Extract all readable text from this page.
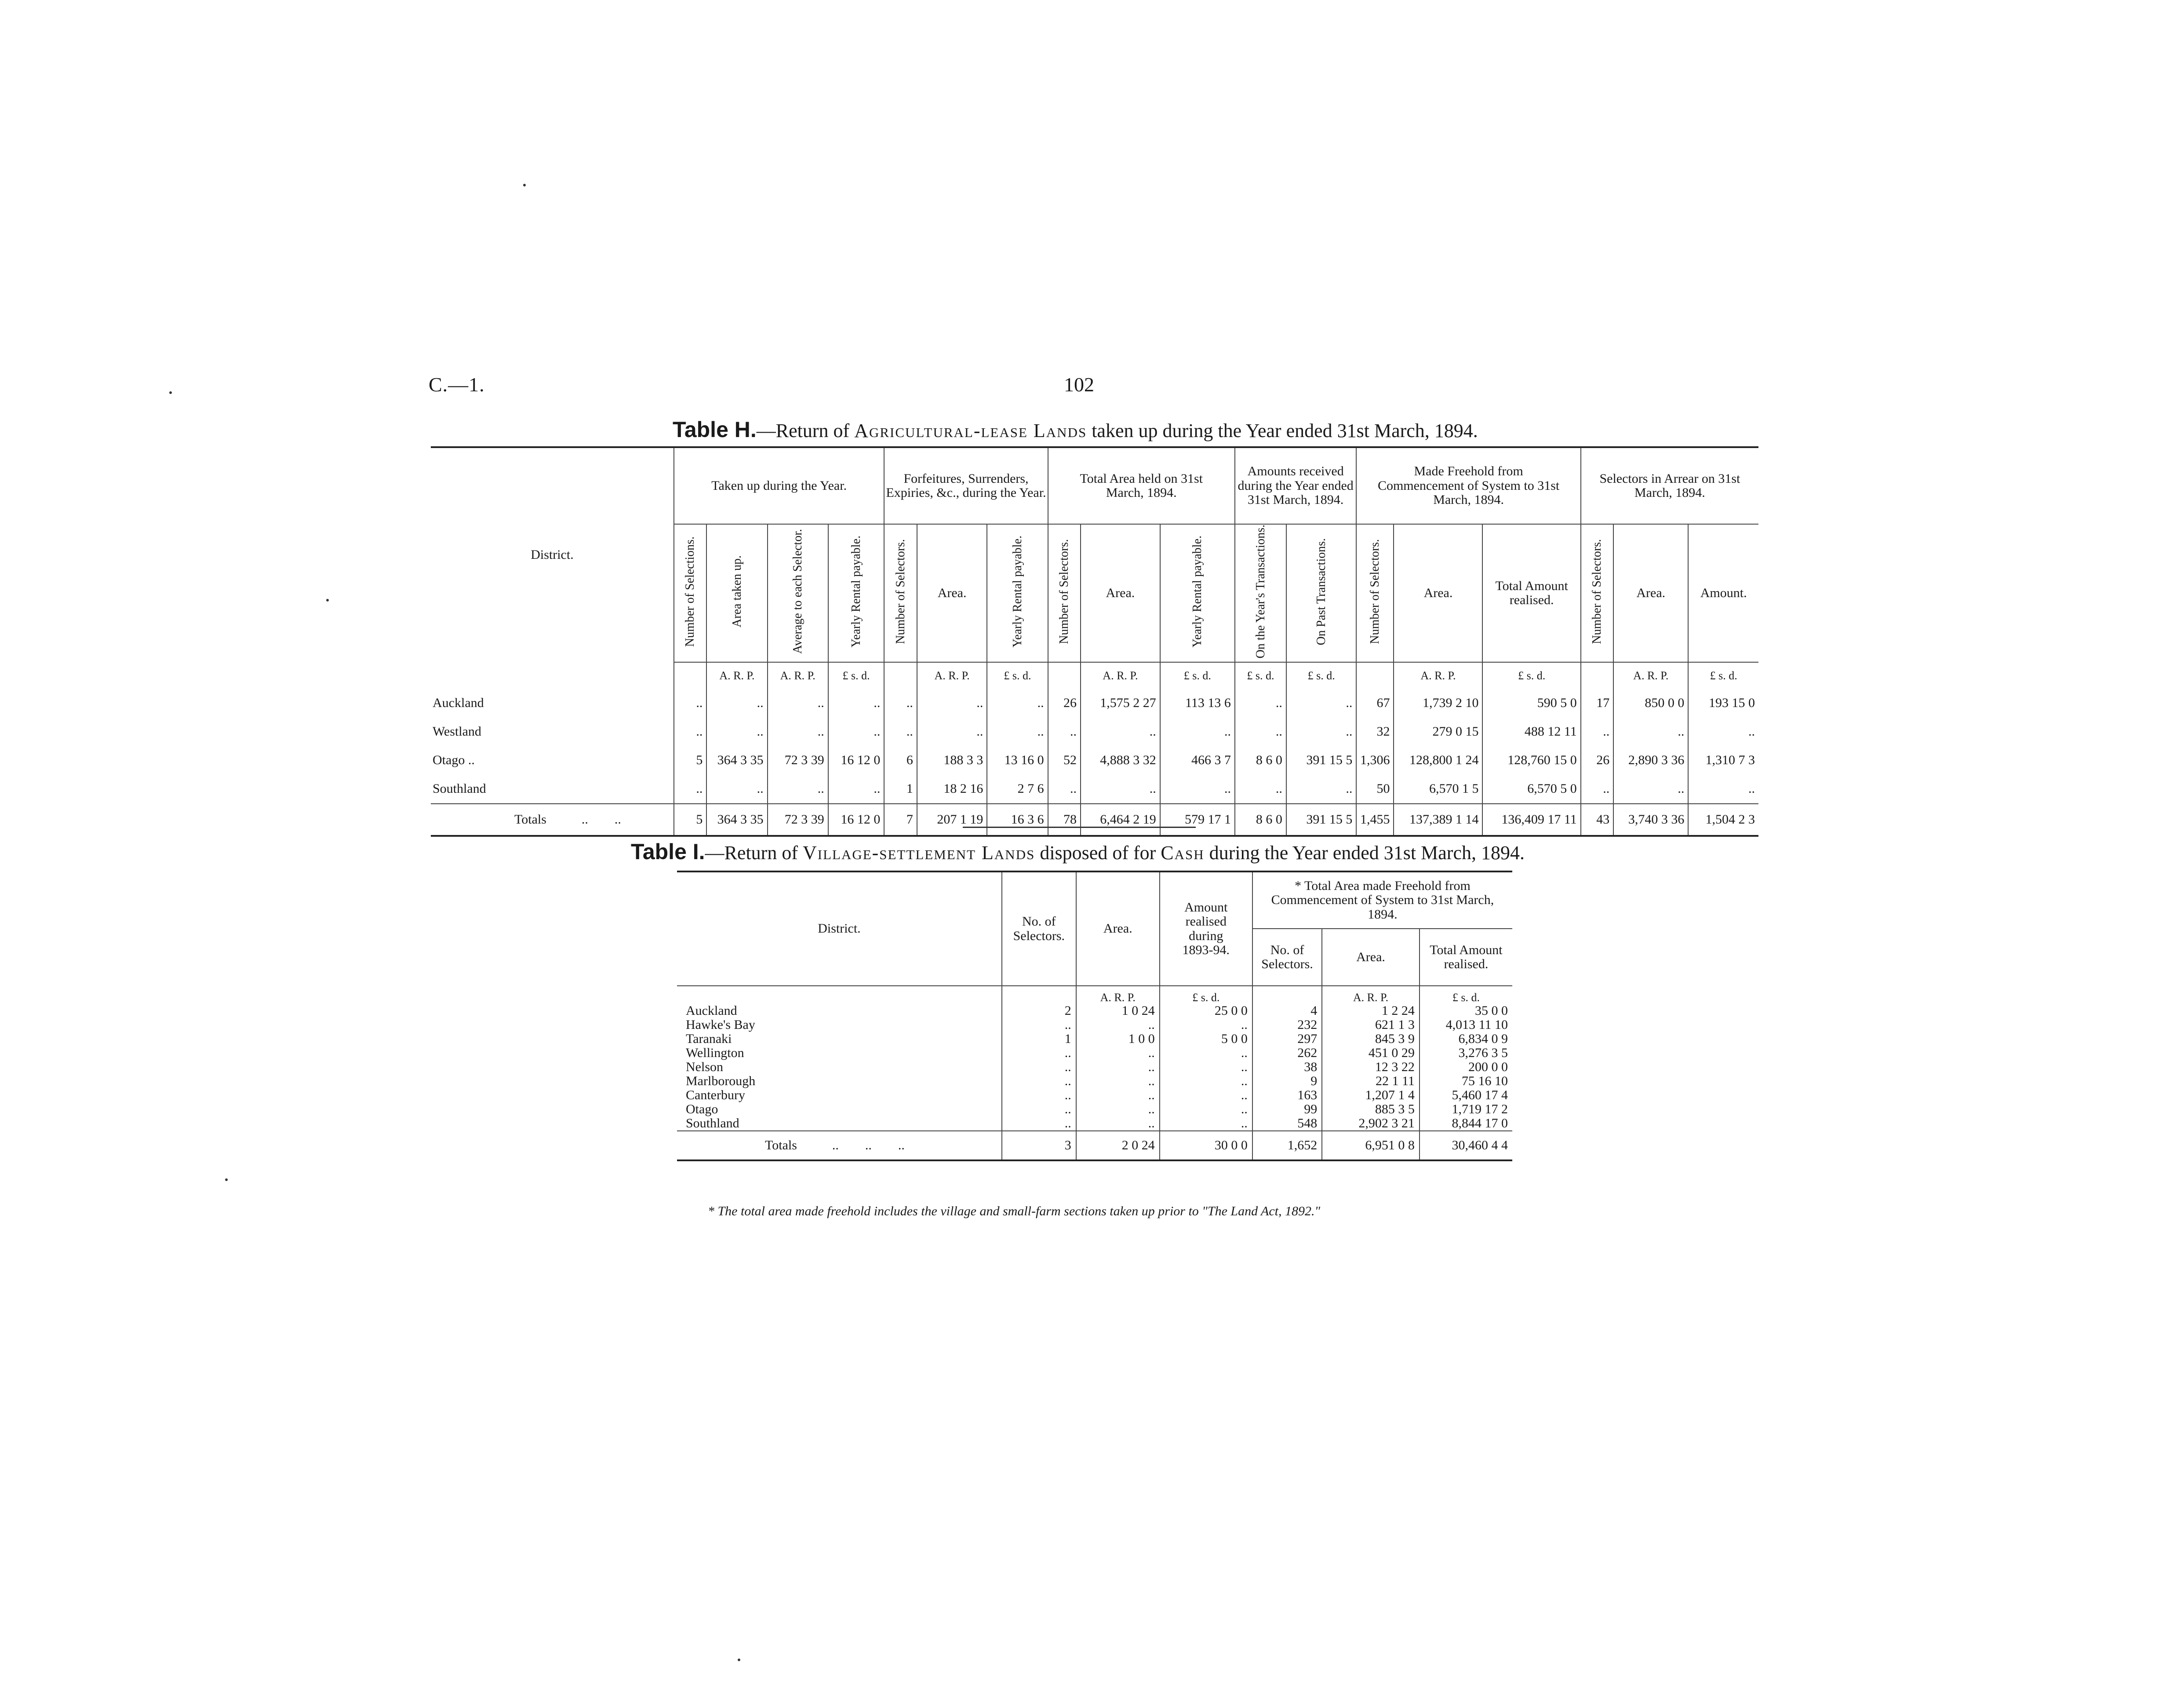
C.—1.	102
Table H.—Return of Agricultural-lease Lands taken up during the Year ended 31st March, 1894.
District.	Taken up during the Year.				Forfeitures, Surrenders, Expiries, &c., during the Year.			Total Area held on 31st March, 1894.			Amounts received during the Year ended 31st March, 1894.		Made Freehold from Commencement of System to 31st March, 1894.			Selectors in Arrear on 31st March, 1894.		
	Number of Selections.	Area taken up.	Average to each Selector.	Yearly Rental payable.	Number of Selectors.	Area.	Yearly Rental payable.	Number of Selectors.	Area.	Yearly Rental payable.	On the Year's Transactions.	On Past Transactions.	Number of Selectors.	Area.	Total Amount realised.	Number of Selectors.	Area.	Amount.
		A. R. P.	A. R. P.	£ s. d.		A. R. P.	£ s. d.		A. R. P.	£ s. d.	£ s. d.	£ s. d.		A. R. P.	£ s. d.		A. R. P.	£ s. d.
Auckland	..	..	..	..	..	..	..	26	1,575 2 27	113 13 6	..	..	67	1,739 2 10	590 5 0	17	850 0 0	193 15 0
Westland	..	..	..	..	..	..	..	..	..	..	..	..	32	279 0 15	488 12 11	..	..	..
Otago ..	5	364 3 35	72 3 39	16 12 0	6	188 3 3	13 16 0	52	4,888 3 32	466 3 7	8 6 0	391 15 5	1,306	128,800 1 24	128,760 15 0	26	2,890 3 36	1,310 7 3
Southland	..	..	..	..	1	18 2 16	2 7 6	..	..	..	..	..	50	6,570 1 5	6,570 5 0	..	..	..
Totals ..        ..	5	364 3 35	72 3 39	16 12 0	7	207 1 19	16 3 6	78	6,464 2 19	579 17 1	8 6 0	391 15 5	1,455	137,389 1 14	136,409 17 11	43	3,740 3 36	1,504 2 3
Table I.—Return of Village-settlement Lands disposed of for Cash during the Year ended 31st March, 1894.
District.	No. of Selectors.	Area.	Amount realised during 1893-94.	* Total Area made Freehold from Commencement of System to 31st March, 1894.		
				No. of Selectors.	Area.	Total Amount realised.
		A. R. P.	£ s. d.		A. R. P.	£ s. d.
Auckland	2	1 0 24	25 0 0	4	1 2 24	35 0 0
Hawke's Bay	..	..	..	232	621 1 3	4,013 11 10
Taranaki	1	1 0 0	5 0 0	297	845 3 9	6,834 0 9
Wellington	..	..	..	262	451 0 29	3,276 3 5
Nelson	..	..	..	38	12 3 22	200 0 0
Marlborough	..	..	..	9	22 1 11	75 16 10
Canterbury	..	..	..	163	1,207 1 4	5,460 17 4
Otago	..	..	..	99	885 3 5	1,719 17 2
Southland	..	..	..	548	2,902 3 21	8,844 17 0
Totals ..        ..        ..	3	2 0 24	30 0 0	1,652	6,951 0 8	30,460 4 4
* The total area made freehold includes the village and small-farm sections taken up prior to "The Land Act, 1892."
